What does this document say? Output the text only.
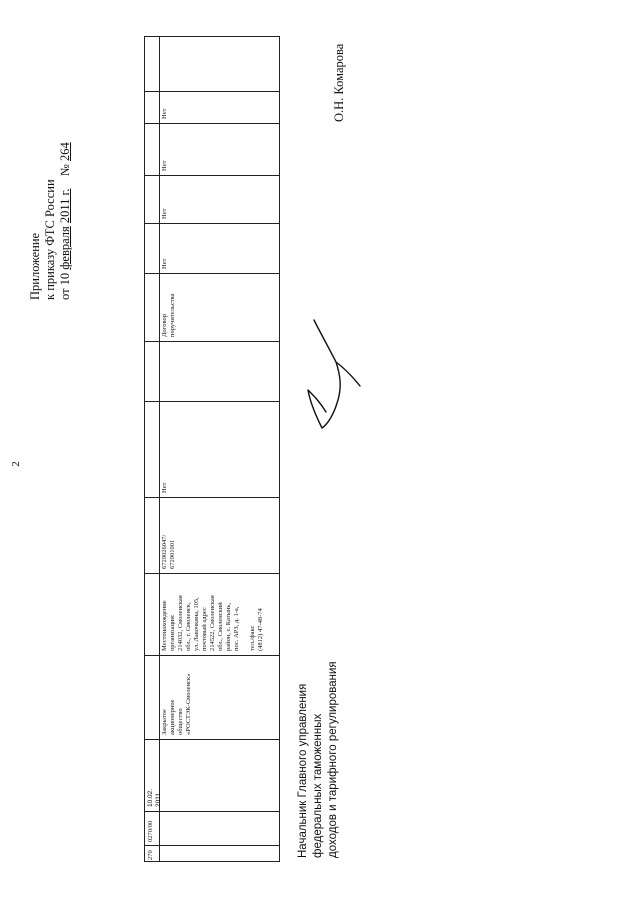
2
Приложение к приказу ФТС России от 10 февраля 2011 г.    № 264
О.Н. Комарова
270
0270/00
10.02.
2011
Закрытое
акционерное
общество
«РОСТЭК-Смоленск»
Местонахождение
организации:
214032, Смоленская
обл., г. Смоленск,
ул. Лавочкина, 105,
почтовый адрес
214522, Смоленская
обл., Смоленский
район, с. Катынь,
пос. АРЗ, д. 1-а,

тел./факс
(4812) 47-48-74
6729026047/
672901001
Нет
Договор
поручительства
Нет
Нет
Нет
Нет
Начальник Главного управления федеральных таможенных доходов и тарифного регулирования
